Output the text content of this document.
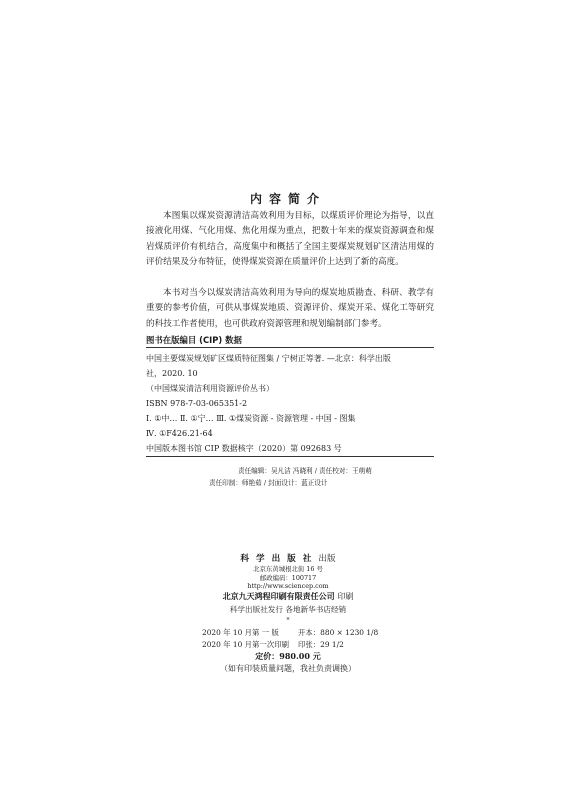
内容简介
本图集以煤炭资源清洁高效利用为目标，以煤质评价理论为指导，以直接液化用煤、气化用煤、焦化用煤为重点，把数十年来的煤炭资源调查和煤岩煤质评价有机结合，高度集中和概括了全国主要煤炭规划矿区清洁用煤的评价结果及分布特征，使得煤炭资源在质量评价上达到了新的高度。
本书对当今以煤炭清洁高效利用为导向的煤炭地质勘查、科研、教学有重要的参考价值，可供从事煤炭地质、资源评价、煤炭开采、煤化工等研究的科技工作者使用，也可供政府资源管理和规划编制部门参考。
图书在版编目 (CIP) 数据
中国主要煤炭规划矿区煤质特征图集 / 宁树正等著. —北京：科学出版
社，2020. 10
（中国煤炭清洁利用资源评价丛书）
ISBN 978-7-03-065351-2
Ⅰ. ①中… Ⅱ. ①宁… Ⅲ. ①煤炭资源 - 资源管理 - 中国 - 图集
Ⅳ. ①F426.21-64
中国版本图书馆 CIP 数据核字（2020）第 092683 号
责任编辑：吴凡洁 冯晓利 / 责任校对：王萌萌
责任印制：师艳茹 / 封面设计：蓝正设计
科 学 出 版 社 出版
北京东黄城根北街 16 号
邮政编码：100717
http://www.sciencep.com
北京九天鸿程印刷有限责任公司 印刷
科学出版社发行 各地新华书店经销
*
2020 年 10 月第 一 版	开本：880 × 1230 1/8
2020 年 10 月第一次印刷 印张：29 1/2
定价：980.00 元
（如有印装质量问题，我社负责调换）
